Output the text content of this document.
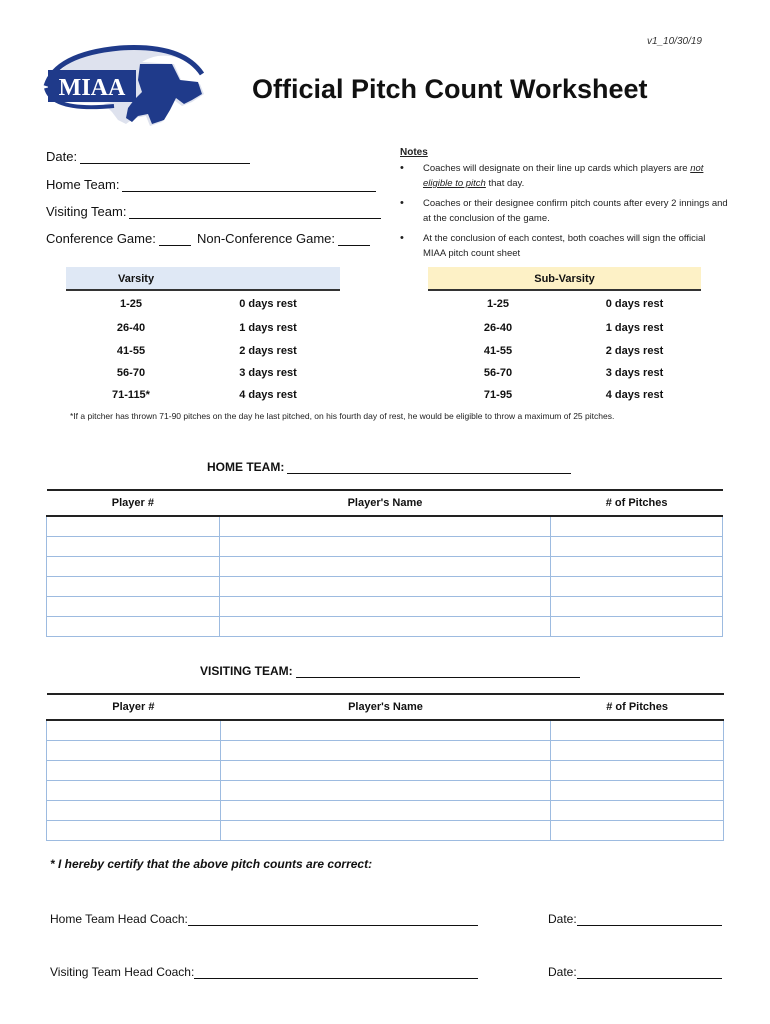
v1_10/30/19
MIAA	Official Pitch Count Worksheet
Date:
Home Team:
Visiting Team:
Conference Game:	Non-Conference Game:
Notes
• Coaches will designate on their line up cards which players are not eligible to pitch that day.
• Coaches or their designee confirm pitch counts after every 2 innings and at the conclusion of the game.
• At the conclusion of each contest, both coaches will sign the official MIAA pitch count sheet
Varsity	Sub-Varsity
1-25	0 days rest
26-40	1 days rest
41-55	2 days rest
56-70	3 days rest
71-115*	4 days rest
1-25	0 days rest
26-40	1 days rest
41-55	2 days rest
56-70	3 days rest
71-95	4 days rest
*If a pitcher has thrown 71-90 pitches on the day he last pitched, on his fourth day of rest, he would be eligible to throw a maximum of 25 pitches.
HOME TEAM:
Player #	Player's Name	# of Pitches

VISITING TEAM:
Player #	Player's Name	# of Pitches

* I hereby certify that the above pitch counts are correct:
Home Team Head Coach:	Date:
Visiting Team Head Coach:	Date:
